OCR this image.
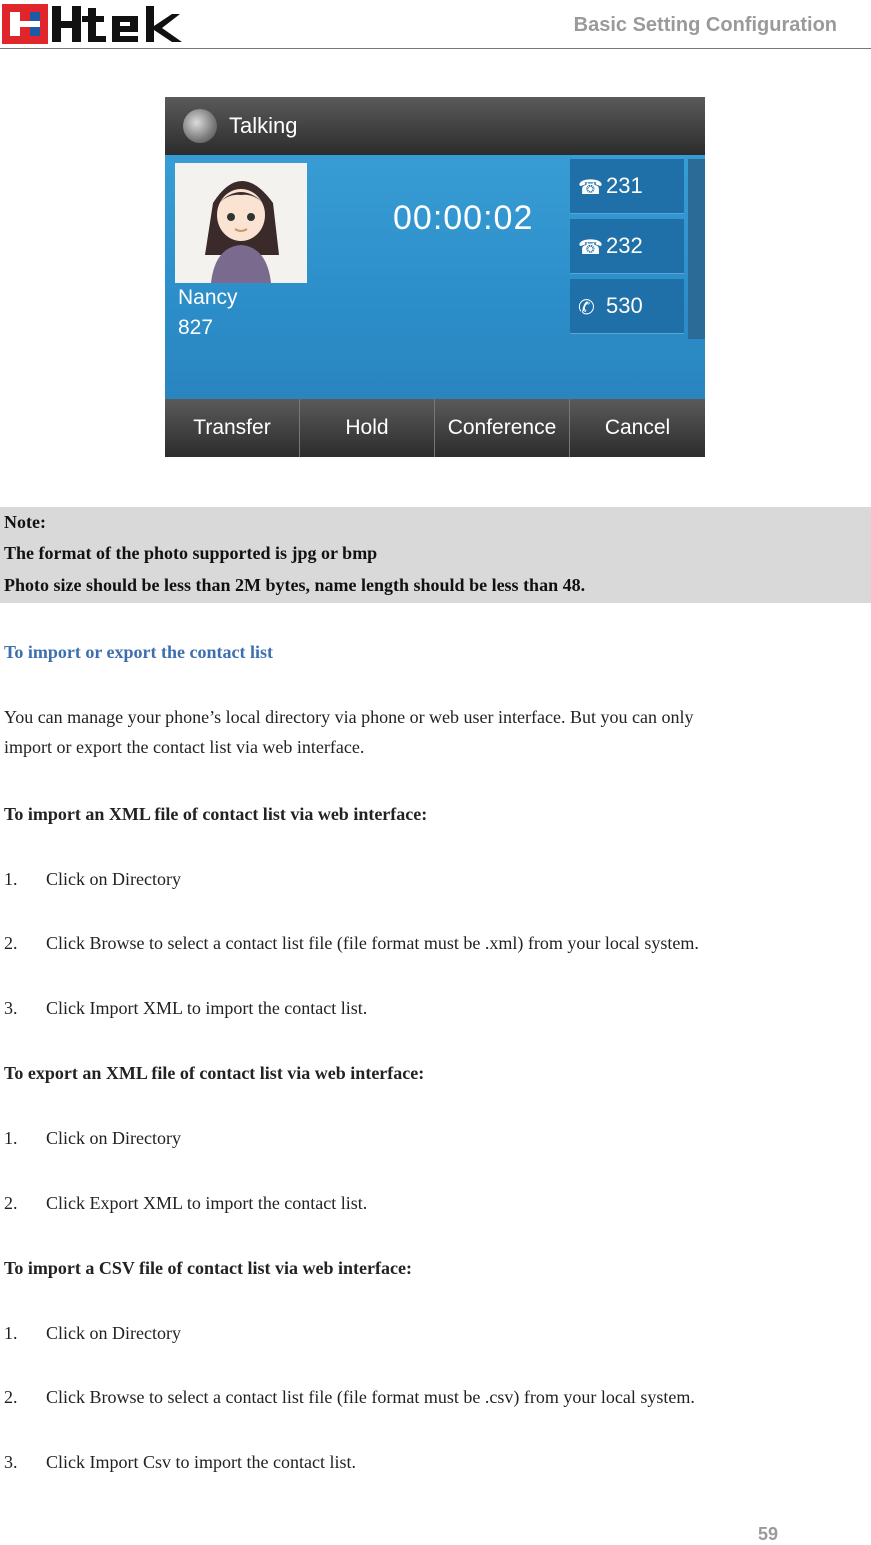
Basic Setting Configuration
Talking
Nancy
827
00:00:02
☎ 231
☎ 232
✆ 530
Transfer	Hold	Conference	Cancel
Note:
The format of the photo supported is jpg or bmp
Photo size should be less than 2M bytes, name length should be less than 48.
To import or export the contact list
You can manage your phone’s local directory via phone or web user interface. But you can only
import or export the contact list via web interface.
To import an XML file of contact list via web interface:
1. Click on Directory
2. Click Browse to select a contact list file (file format must be .xml) from your local system.
3. Click Import XML to import the contact list.
To export an XML file of contact list via web interface:
1. Click on Directory
2. Click Export XML to import the contact list.
To import a CSV file of contact list via web interface:
1. Click on Directory
2. Click Browse to select a contact list file (file format must be .csv) from your local system.
3. Click Import Csv to import the contact list.
59
